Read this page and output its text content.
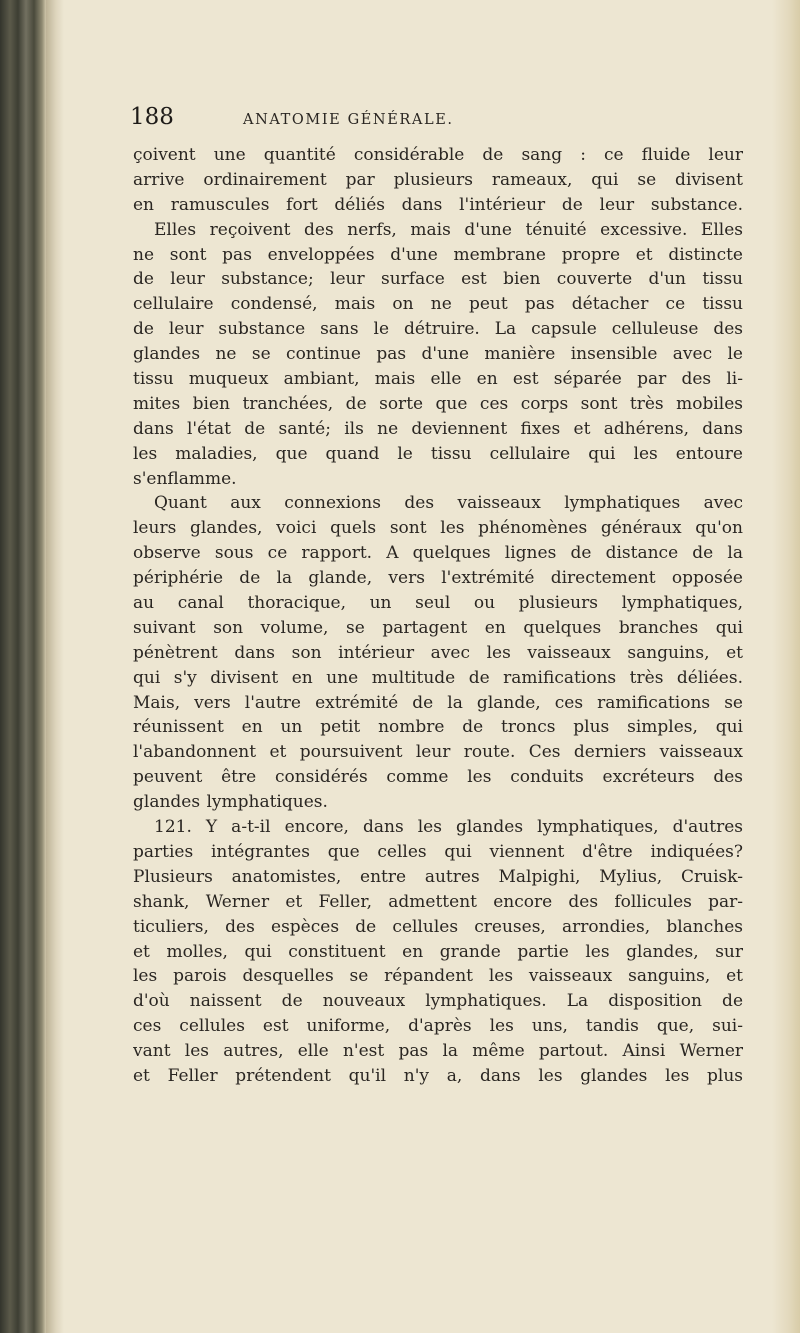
188	ANATOMIE GÉNÉRALE.
çoivent une quantité considérable de sang : ce fluide leur
arrive ordinairement par plusieurs rameaux, qui se divisent
en ramuscules fort déliés dans l'intérieur de leur substance.
Elles reçoivent des nerfs, mais d'une ténuité excessive. Elles
ne sont pas enveloppées d'une membrane propre et distincte
de leur substance; leur surface est bien couverte d'un tissu
cellulaire condensé, mais on ne peut pas détacher ce tissu
de leur substance sans le détruire. La capsule celluleuse des
glandes ne se continue pas d'une manière insensible avec le
tissu muqueux ambiant, mais elle en est séparée par des li-
mites bien tranchées, de sorte que ces corps sont très mobiles
dans l'état de santé; ils ne deviennent fixes et adhérens, dans
les maladies, que quand le tissu cellulaire qui les entoure
s'enflamme.
Quant aux connexions des vaisseaux lymphatiques avec
leurs glandes, voici quels sont les phénomènes généraux qu'on
observe sous ce rapport. A quelques lignes de distance de la
périphérie de la glande, vers l'extrémité directement opposée
au canal thoracique, un seul ou plusieurs lymphatiques,
suivant son volume, se partagent en quelques branches qui
pénètrent dans son intérieur avec les vaisseaux sanguins, et
qui s'y divisent en une multitude de ramifications très déliées.
Mais, vers l'autre extrémité de la glande, ces ramifications se
réunissent en un petit nombre de troncs plus simples, qui
l'abandonnent et poursuivent leur route. Ces derniers vaisseaux
peuvent être considérés comme les conduits excréteurs des
glandes lymphatiques.
121. Y a-t-il encore, dans les glandes lymphatiques, d'autres
parties intégrantes que celles qui viennent d'être indiquées?
Plusieurs anatomistes, entre autres Malpighi, Mylius, Cruisk-
shank, Werner et Feller, admettent encore des follicules par-
ticuliers, des espèces de cellules creuses, arrondies, blanches
et molles, qui constituent en grande partie les glandes, sur
les parois desquelles se répandent les vaisseaux sanguins, et
d'où naissent de nouveaux lymphatiques. La disposition de
ces cellules est uniforme, d'après les uns, tandis que, sui-
vant les autres, elle n'est pas la même partout. Ainsi Werner
et Feller prétendent qu'il n'y a, dans les glandes les plus
